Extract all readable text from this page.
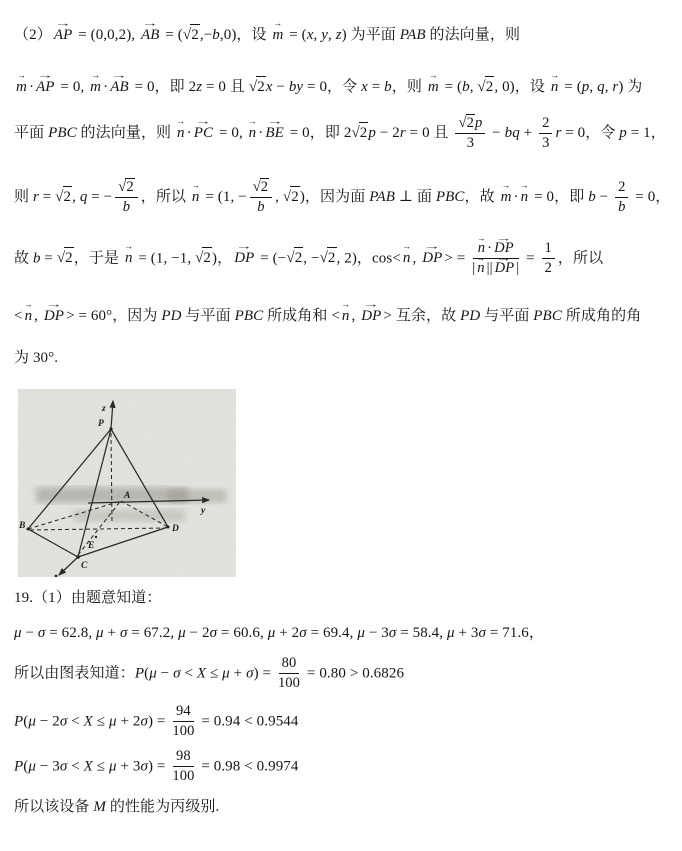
（2）
→
AP = (0,0,2),
→
AB = ( √ 2 ,−b,0)，设
→
m = (x, y, z) 为平面 PAB 的法向量，则
→
m ·
→
AP = 0,
→
m ·
→
AB = 0，即 2z = 0 且 √ 2 x − by = 0，令 x = b，则
→
m = (b, √ 2 , 0)，设
→
n = (p, q, r) 为
平面 PBC 的法向量，则
→
n ·
→
PC = 0,
→
n ·
→
BE = 0，即 2 √ 2 p − 2r = 0 且 $\frac{√ 2 p}{3}$ − bq + $\frac{2}{3}$ r = 0，令 p = 1，
则 r = √ 2 , q = − $\frac{√ 2}{b}$ ，所以
→
n = (1, − $\frac{√ 2}{b}$ , √ 2 )，因为面 PAB ⊥ 面 PBC，故
→
m ·
→
n = 0，即 $b - \frac{2}{b} = 0$，
故 b = √ 2 ，于是
→
n = (1, −1, √ 2 )，
→
DP = (− √ 2 , − √ 2 , 2)，cos<
→
n ,
→
DP > = →
n ·
→
DP
|
→
n ||
→
DP | = $\frac{1}{2}$ ，所以
<
→
n ,
→
DP > = 60°，因为 PD 与平面 PBC 所成角和 <
→
n ,
→
DP > 互余，故 PD 与平面 PBC 所成角的角
为 30°.
z
P
A
B
C
D
E
y
19.（1）由题意知道：
μ − σ = 62.8, μ + σ = 67.2, μ − 2σ = 60.6, μ + 2σ = 69.4, μ − 3σ = 58.4, μ + 3σ = 71.6，
所以由图表知道：$P(\mu - \sigma < X \le \mu + \sigma) = \frac{80}{100} = 0.80 > 0.6826$
$P(\mu - 2\sigma < X \le \mu + 2\sigma) = \frac{94}{100} = 0.94 < 0.9544$
$P(\mu - 3\sigma < X \le \mu + 3\sigma) = \frac{98}{100} = 0.98 < 0.9974$
所以该设备 M 的性能为丙级别.
